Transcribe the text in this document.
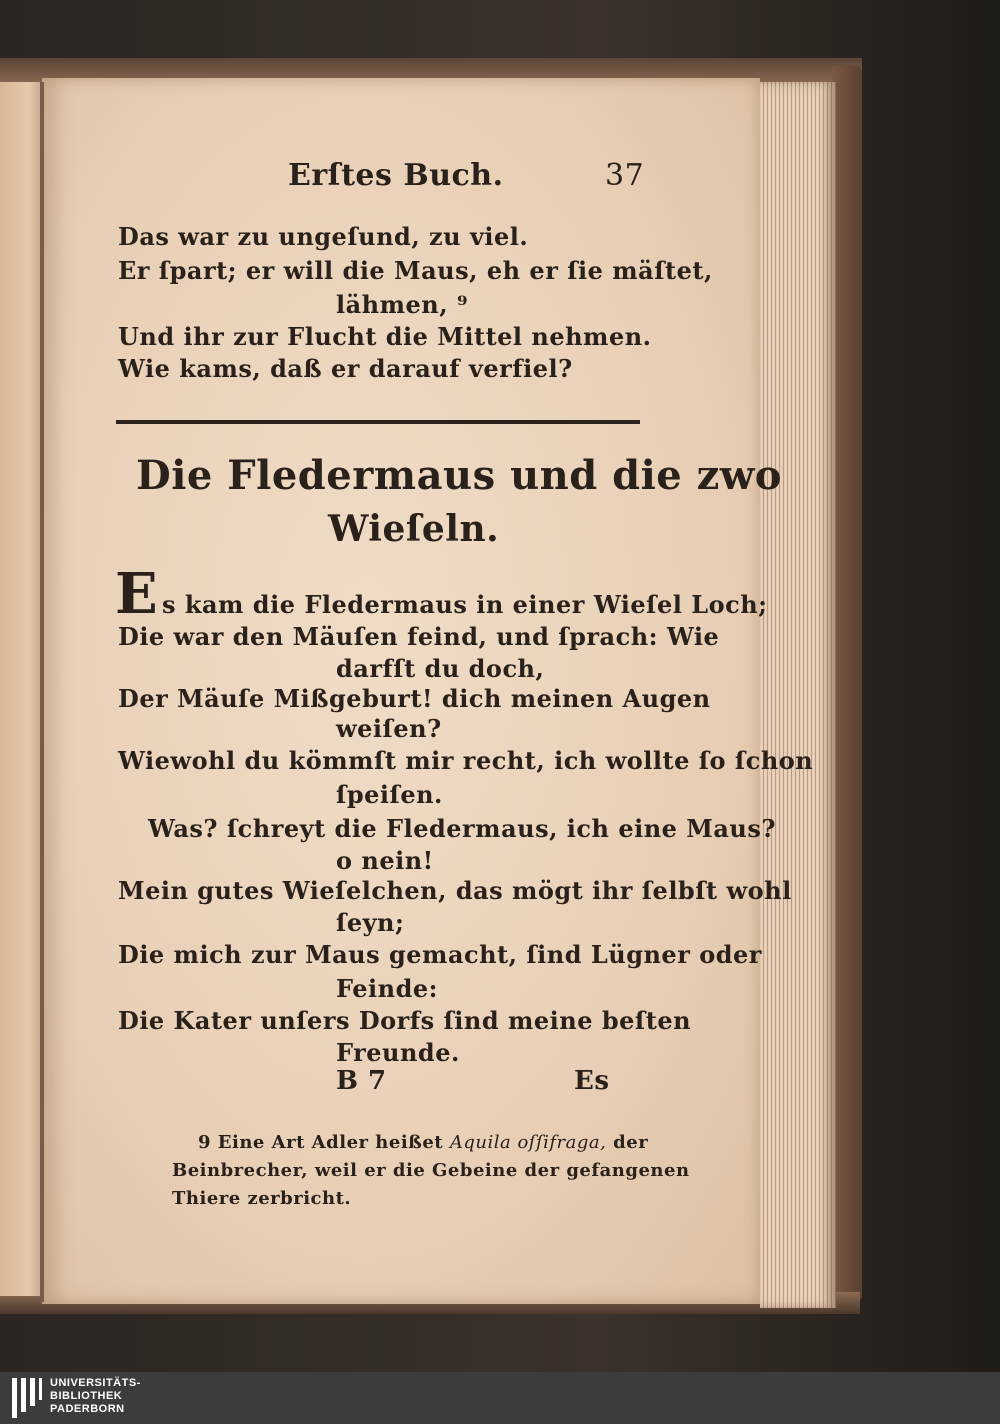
Erſtes Buch.	37
Das war zu ungeſund, zu viel.
Er ſpart; er will die Maus, eh er ſie mäſtet,
lähmen, ⁹
Und ihr zur Flucht die Mittel nehmen.
Wie kams, daß er darauf verfiel?
Die Fledermaus und die zwo
Wieſeln.
E s kam die Fledermaus in einer Wieſel Loch;
Die war den Mäuſen feind, und ſprach: Wie
darfſt du doch,
Der Mäuſe Mißgeburt! dich meinen Augen
weiſen?
Wiewohl du kömmſt mir recht, ich wollte ſo ſchon
ſpeiſen.
Was? ſchreyt die Fledermaus, ich eine Maus?
o nein!
Mein gutes Wieſelchen, das mögt ihr ſelbſt wohl
ſeyn;
Die mich zur Maus gemacht, ſind Lügner oder
Feinde:
Die Kater unſers Dorfs ſind meine beſten
Freunde.
B 7	Es
9 Eine Art Adler heißet Aquila oſſifraga, der
Beinbrecher, weil er die Gebeine der gefangenen
Thiere zerbricht.
UNIVERSITÄTS-
BIBLIOTHEK
PADERBORN
